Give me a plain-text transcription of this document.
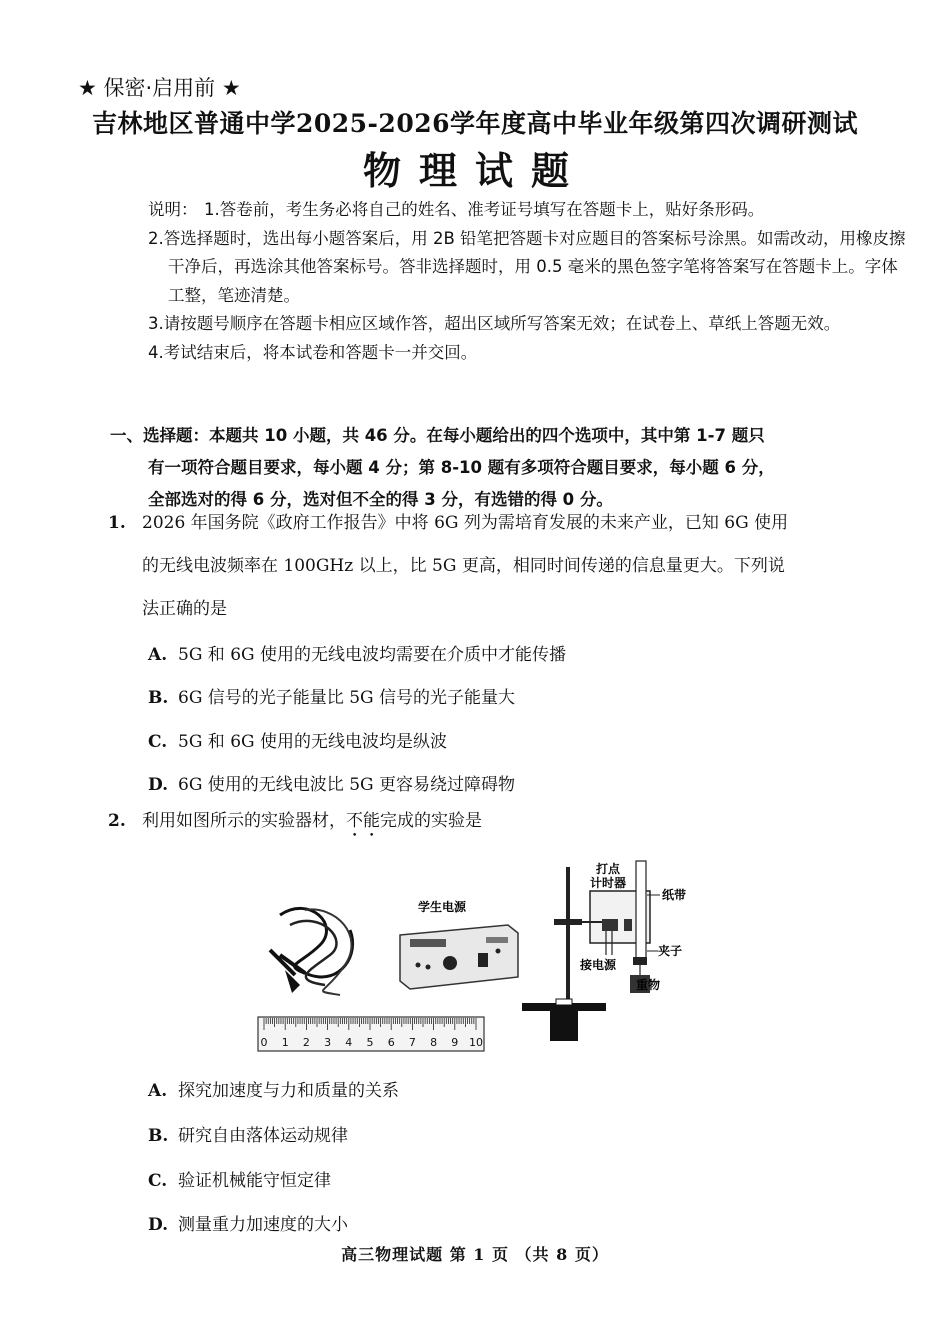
★ 保密·启用前 ★
吉林地区普通中学2025-2026学年度高中毕业年级第四次调研测试
物理试题
说明： 1.答卷前，考生务必将自己的姓名、准考证号填写在答题卡上，贴好条形码。
2.答选择题时，选出每小题答案后，用 2B 铅笔把答题卡对应题目的答案标号涂黑。如需改动，用橡皮擦干净后，再选涂其他答案标号。答非选择题时，用 0.5 毫米的黑色签字笔将答案写在答题卡上。字体工整，笔迹清楚。
3.请按题号顺序在答题卡相应区域作答，超出区域所写答案无效；在试卷上、草纸上答题无效。
4.考试结束后，将本试卷和答题卡一并交回。
一、选择题：本题共 10 小题，共 46 分。在每小题给出的四个选项中，其中第 1-7 题只
有一项符合题目要求，每小题 4 分；第 8-10 题有多项符合题目要求，每小题 6 分，
全部选对的得 6 分，选对但不全的得 3 分，有选错的得 0 分。
1. 2026 年国务院《政府工作报告》中将 6G 列为需培育发展的未来产业，已知 6G 使用
的无线电波频率在 100GHz 以上，比 5G 更高，相同时间传递的信息量更大。下列说
法正确的是
A. 5G 和 6G 使用的无线电波均需要在介质中才能传播
B. 6G 信号的光子能量比 5G 信号的光子能量大
C. 5G 和 6G 使用的无线电波均是纵波
D. 6G 使用的无线电波比 5G 更容易绕过障碍物
2. 利用如图所示的实验器材，不能完成的实验是
学生电源
0 1 2 3 4 5 6 7 8 9 10
打点
计时器
纸带
夹子
接电源
重物
A. 探究加速度与力和质量的关系
B. 研究自由落体运动规律
C. 验证机械能守恒定律
D. 测量重力加速度的大小
高三物理试题 第 1 页 （共 8 页）
